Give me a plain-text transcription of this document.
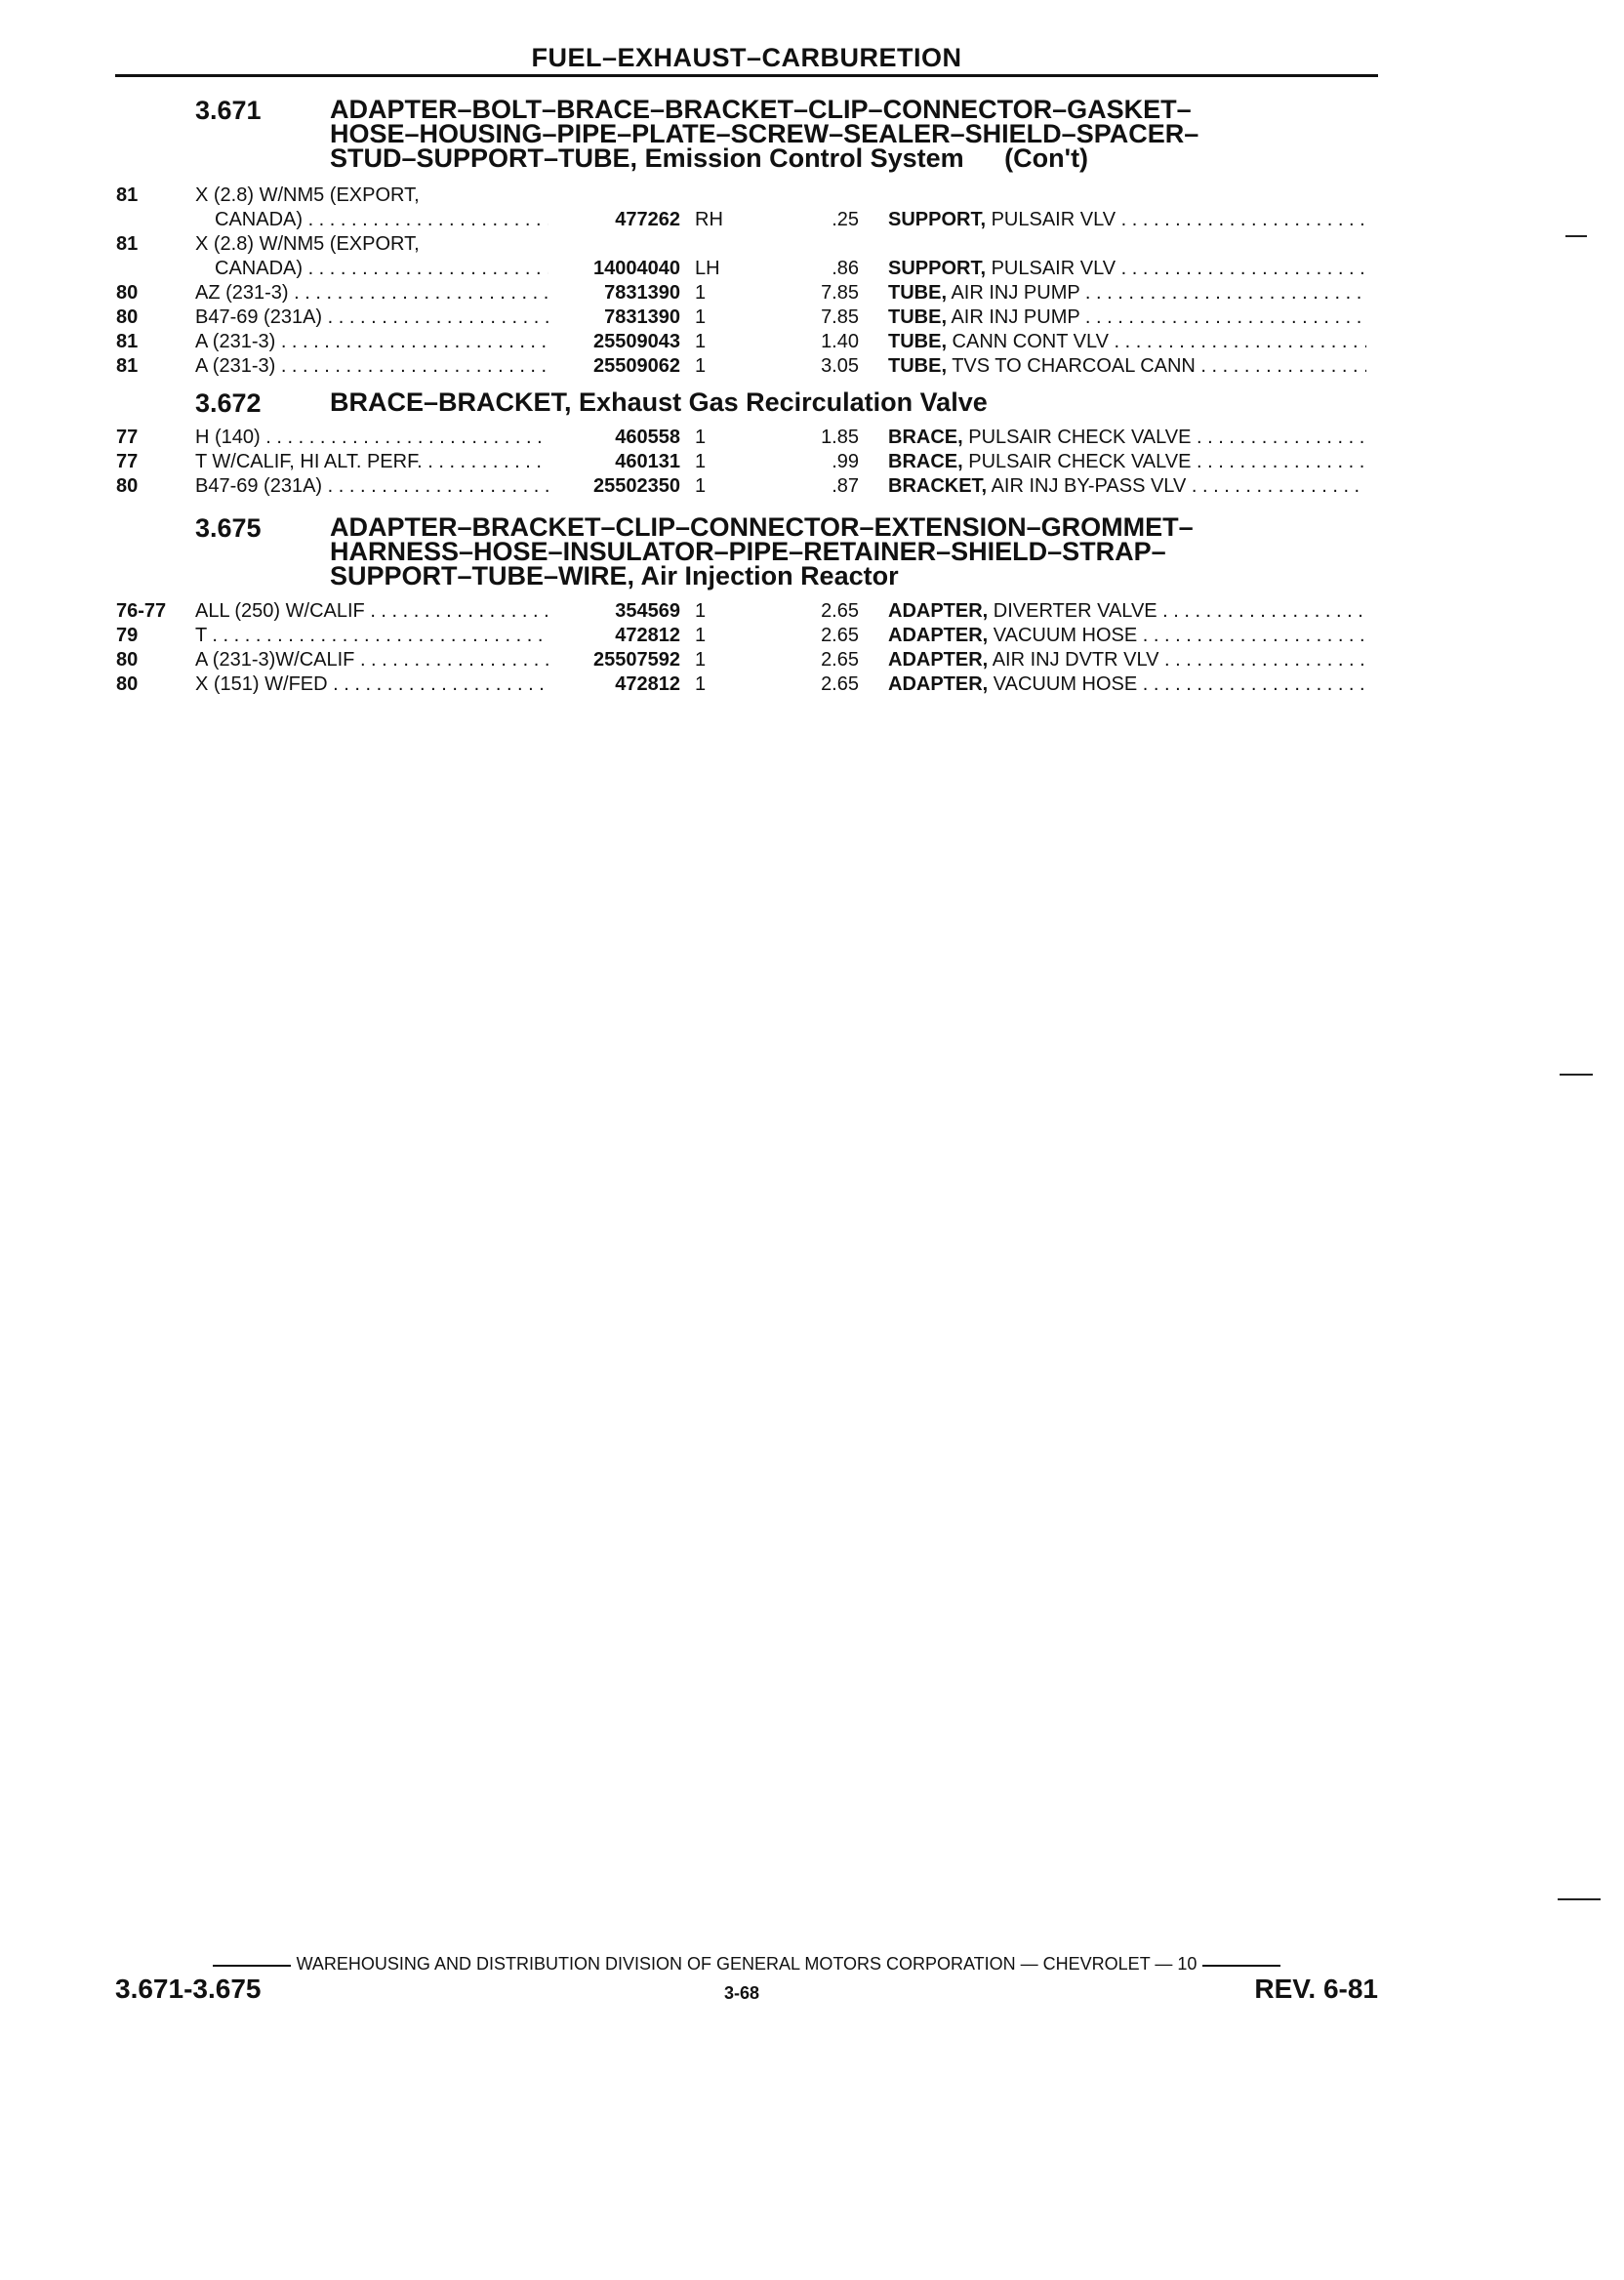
FUEL–EXHAUST–CARBURETION
3.671	ADAPTER–BOLT–BRACE–BRACKET–CLIP–CONNECTOR–GASKET–
HOSE–HOUSING–PIPE–PLATE–SCREW–SEALER–SHIELD–SPACER–
STUD–SUPPORT–TUBE, Emission Control System (Con't)
81	X (2.8) W/NM5 (EXPORT,
CANADA) . . .	477262 RH	.25 SUPPORT, PULSAIR VLV . . .
81	X (2.8) W/NM5 (EXPORT,
CANADA) . . .	14004040 LH	.86 SUPPORT, PULSAIR VLV . . .
80	AZ (231-3) . . .	7831390 1	7.85 TUBE, AIR INJ PUMP . . .
80	B47-69 (231A) . . .	7831390 1	7.85 TUBE, AIR INJ PUMP . . .
81	A (231-3) . . .	25509043 1	1.40 TUBE, CANN CONT VLV . . .
81	A (231-3) . . .	25509062 1	3.05 TUBE, TVS TO CHARCOAL CANN . . .
3.672	BRACE–BRACKET, Exhaust Gas Recirculation Valve
77	H (140) . . .	460558 1	1.85 BRACE, PULSAIR CHECK VALVE . . .
77	T W/CALIF, HI ALT. PERF. . . .	460131 1	.99 BRACE, PULSAIR CHECK VALVE . . .
80	B47-69 (231A) . . .	25502350 1	.87 BRACKET, AIR INJ BY-PASS VLV . . .
3.675	ADAPTER–BRACKET–CLIP–CONNECTOR–EXTENSION–GROMMET–
HARNESS–HOSE–INSULATOR–PIPE–RETAINER–SHIELD–STRAP–
SUPPORT–TUBE–WIRE, Air Injection Reactor
76-77 ALL (250) W/CALIF . . .	354569 1	2.65 ADAPTER, DIVERTER VALVE . . .
79	T . . .	472812 1	2.65 ADAPTER, VACUUM HOSE . . .
80	A (231-3)W/CALIF . . .	25507592 1	2.65 ADAPTER, AIR INJ DVTR VLV . . .
80	X (151) W/FED . . .	472812 1	2.65 ADAPTER, VACUUM HOSE . . .
WAREHOUSING AND DISTRIBUTION DIVISION OF GENERAL MOTORS CORPORATION — CHEVROLET — 10
3.671-3.675	3-68	REV. 6-81
